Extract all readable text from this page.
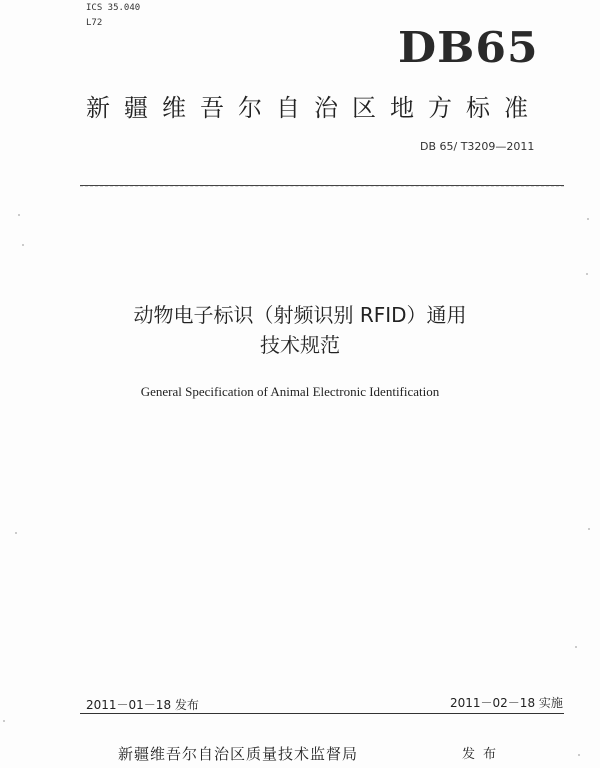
ICS 35.040
L72
DB65
新疆维吾尔自治区地方标准
DB 65/ T3209—2011
动物电子标识（射频识别 RFID）通用
技术规范
General Specification of Animal Electronic Identification
2011－01－18 发布	2011－02－18 实施
新疆维吾尔自治区质量技术监督局	发布
